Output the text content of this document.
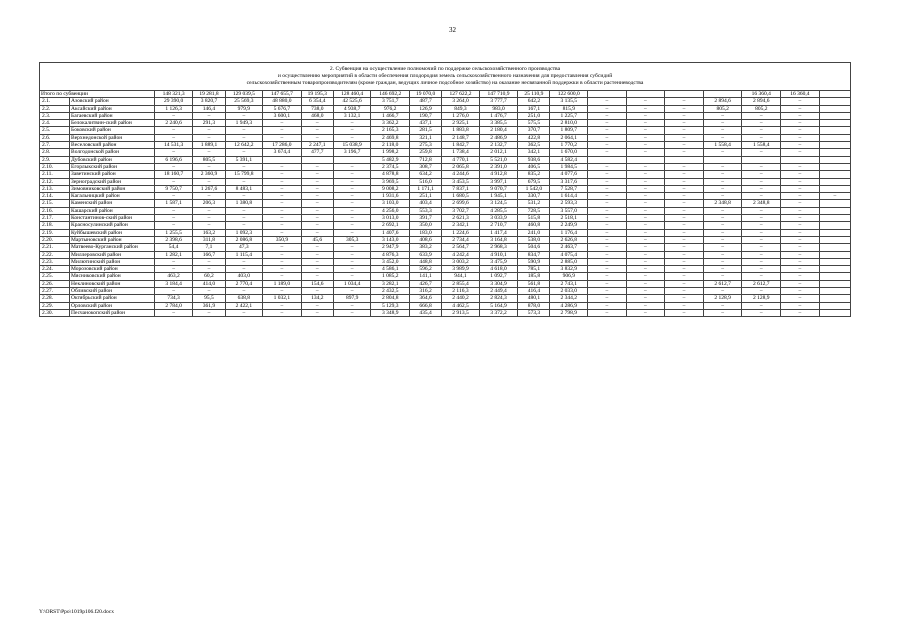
32
2. Субвенция на осуществление полномочий по поддержке сельскохозяйственного производства
и осуществлению мероприятий в области обеспечения плодородия земель сельскохозяйственного назначения для предоставления субсидий
сельскохозяйственным товаропроизводителям (кроме граждан, ведущих личное подсобное хозяйство) на оказание несвязанной поддержки в области растениеводства																				

Итого по субвенции		148 321,3	19 281,8	129 039,5	147 655,7	19 195,3	128 460,4	146 692,2	19 070,0	127 622,2	147 710,9	25 110,9	122 600,0					16 360,4	16 360,4	
2.1.	Азовский район	29 390,0	3 820,7	25 569,3	48 880,0	6 354,4	42 525,6	3 751,7	487,7	3 264,0	3 777,7	642,2	3 135,5	–	–	–	2 894,6	2 894,6	–	
2.2.	Аксайский район	1 126,3	146,4	979,9	5 676,7	738,0	4 938,7	976,2	126,9	849,3	983,0	167,1	815,9	–	–	–	805,2	805,2	–	
2.3.	Багаевский район	–	–	–	3 600,1	468,0	3 132,1	1 466,7	190,7	1 276,0	1 476,7	251,0	1 225,7	–	–	–	–	–	–	
2.4.	Белокалитвин-ский район	2 240,6	291,3	1 949,3	–	–	–	3 362,2	437,1	2 925,1	3 385,5	575,5	2 810,0	–	–	–	–	–	–	
2.5.	Боковский район	–	–	–	–	–	–	2 165,3	281,5	1 883,8	2 180,4	370,7	1 809,7	–	–	–	–	–	–	
2.6.	Верхнедонской район	–	–	–	–	–	–	2 469,8	321,1	2 148,7	2 486,9	422,8	2 064,1	–	–	–	–	–	–	
2.7.	Веселовский район	14 531,3	1 889,1	12 642,2	17 286,0	2 247,1	15 038,9	2 118,0	275,3	1 842,7	2 132,7	362,5	1 770,2	–	–	–	1 558,4	1 558,4	–	
2.8.	Волгодонской район	–	–	–	3 674,4	477,7	3 196,7	1 998,2	259,8	1 738,4	2 012,1	342,1	1 670,0	–	–	–	–	–	–	
2.9.	Дубовский район	6 196,6	805,5	5 391,1				5 482,9	712,8	4 770,1	5 521,0	938,6	4 582,4							
2.10.	Егорлыкский район	–	–	–	–	–	–	2 374,5	308,7	2 065,8	2 391,0	406,5	1 984,5	–	–	–	–	–	–	
2.11.	Заветинский район	18 160,7	2 360,9	15 799,8	–	–	–	4 878,8	634,2	4 244,6	4 912,8	835,2	4 077,6	–	–	–	–	–	–	
2.12.	Зерноградский район	–	–	–	–	–	–	3 969,5	516,0	3 453,5	3 997,1	679,5	3 317,6	–	–	–	–	–	–	
2.13.	Зимовниковский район	9 750,7	1 267,6	8 483,1	–	–	–	9 008,2	1 171,1	7 837,1	9 070,7	1 542,0	7 528,7	–	–	–	–	–	–	
2.14.	Кагальницкий район	–	–	–	–	–	–	1 931,6	251,1	1 680,5	1 945,1	330,7	1 614,4	–	–	–	–	–	–	–
2.15.	Каменский район	1 587,1	206,3	1 380,8	–	–	–	3 103,0	403,4	2 699,6	3 124,5	531,2	2 593,3	–	–	–	2 348,8	2 348,8	–	
2.16.	Кашарский район	–	–	–	–	–	–	4 256,0	553,3	3 702,7	4 285,5	728,5	3 557,0	–	–	–	–	–	–	
2.17.	Константинов-ский район	–	–	–	–	–	–	3 013,0	391,7	2 621,3	3 033,9	515,8	2 518,1	–	–	–	–	–	–	
2.18.	Красносулинский район	–	–	–	–	–	–	2 692,1	350,0	2 342,1	2 710,7	460,8	2 249,9	–	–	–	–	–	–	
2.19.	Куйбышевский район	1 255,5	163,2	1 092,3	–	–	–	1 407,6	183,0	1 224,6	1 417,4	241,0	1 176,4	–	–	–	–	–	–	
2.20.	Мартыновский район	2 398,6	311,8	2 086,8	350,9	45,6	305,3	3 143,0	408,6	2 734,4	3 164,8	538,0	2 626,8	–	–	–	–	–	–	
2.21.	Матвеево-Курганский район	54,4	7,1	47,3	–	–	–	2 947,9	383,2	2 564,7	2 968,3	504,6	2 463,7	–	–	–	–	–	–	
2.22.	Миллеровский район	1 282,1	166,7	1 115,4	–	–	–	4 876,3	633,9	4 242,4	4 910,1	834,7	4 075,4	–	–	–	–	–	–	
2.23.	Милютинский район	–	–	–	–	–	–	3 452,0	448,8	3 003,2	3 475,9	590,9	2 885,0	–	–	–	–	–	–	
2.24.	Морозовский район	–	–	–	–	–	–	4 586,1	596,2	3 989,9	4 618,0	785,1	3 832,9	–	–	–	–	–	–	
2.25.	Мясниковский район	463,2	60,2	403,0	–	–	–	1 085,2	141,1	944,1	1 092,7	185,8	906,9	–	–	–	–	–	–	
2.26.	Неклиновский район	3 184,4	414,0	2 770,4	1 189,0	154,6	1 034,4	3 282,1	426,7	2 855,4	3 304,9	561,8	2 743,1	–	–	–	2 612,7	2 612,7	–	
2.27.	Обливский район	–	–	–	–	–	–	2 432,5	316,2	2 116,3	2 449,4	416,4	2 033,0	–	–	–	–	–	–	
2.28.	Октябрьский район	734,3	95,5	638,8	1 032,1	134,2	897,9	2 804,8	364,6	2 440,2	2 824,3	480,1	2 344,2	–	–	–	2 128,9	2 128,9	–	
2.29.	Орловский район	2 784,0	361,9	2 422,1	–	–	–	5 129,3	666,8	4 462,5	5 164,9	878,0	4 286,9	–	–	–	–	–	–	
2.30.	Песчанокопский район	–	–	–	–	–	–	3 348,9	435,4	2 913,5	3 372,2	573,3	2 798,9	–	–	–	–	–	–	
Y:\ORST\Ppo\1019p106.f20.docx
